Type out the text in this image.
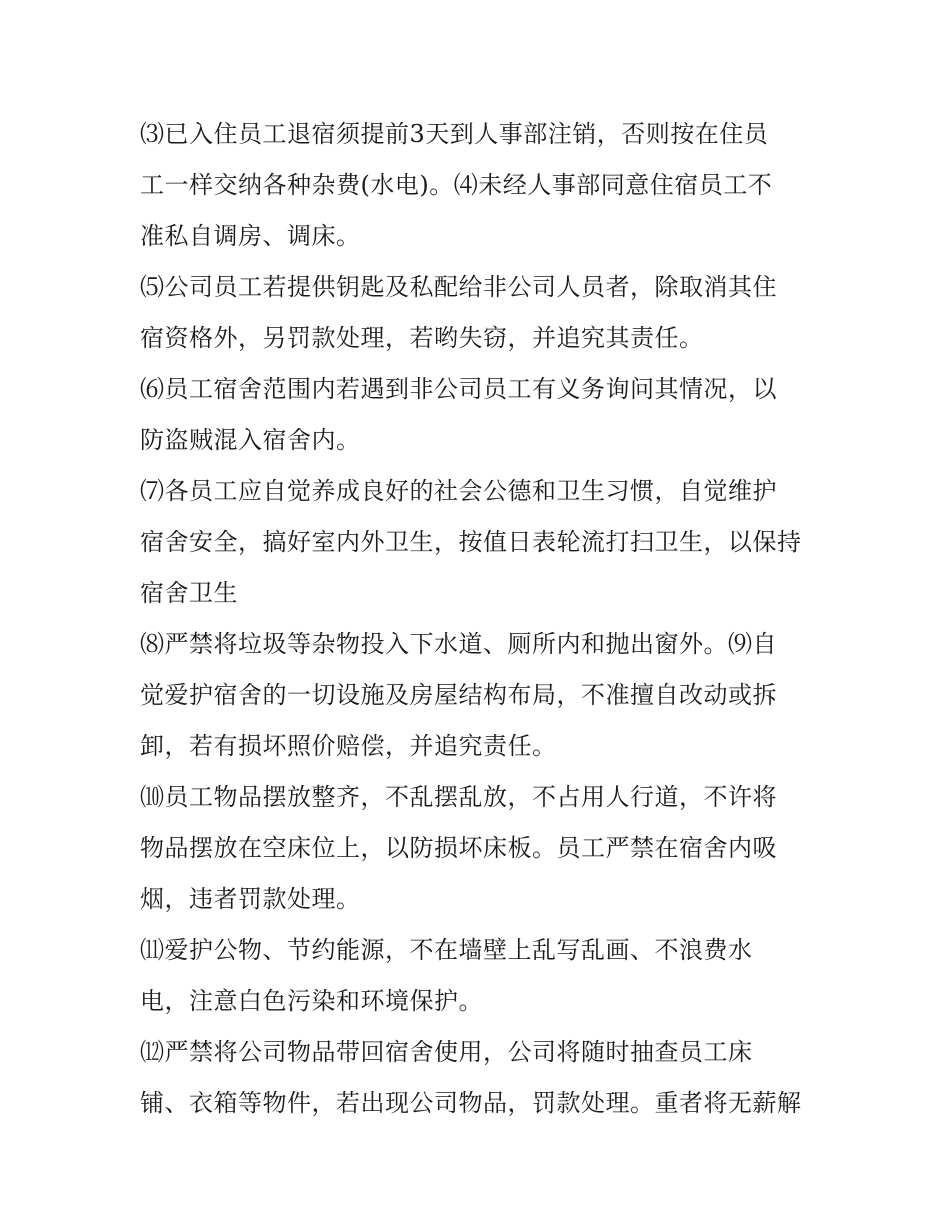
⑶已入住员工退宿须提前3天到人事部注销，否则按在住员
工一样交纳各种杂费(水电)。⑷未经人事部同意住宿员工不
准私自调房、调床。
⑸公司员工若提供钥匙及私配给非公司人员者，除取消其住
宿资格外，另罚款处理，若哟失窃，并追究其责任。
⑹员工宿舍范围内若遇到非公司员工有义务询问其情况，以
防盗贼混入宿舍内。
⑺各员工应自觉养成良好的社会公德和卫生习惯，自觉维护
宿舍安全，搞好室内外卫生，按值日表轮流打扫卫生，以保持
宿舍卫生
⑻严禁将垃圾等杂物投入下水道、厕所内和抛出窗外。⑼自
觉爱护宿舍的一切设施及房屋结构布局，不准擅自改动或拆
卸，若有损坏照价赔偿，并追究责任。
⑽员工物品摆放整齐，不乱摆乱放，不占用人行道，不许将
物品摆放在空床位上，以防损坏床板。员工严禁在宿舍内吸
烟，违者罚款处理。
⑾爱护公物、节约能源，不在墙壁上乱写乱画、不浪费水
电，注意白色污染和环境保护。
⑿严禁将公司物品带回宿舍使用，公司将随时抽查员工床
铺、衣箱等物件，若出现公司物品，罚款处理。重者将无薪解
